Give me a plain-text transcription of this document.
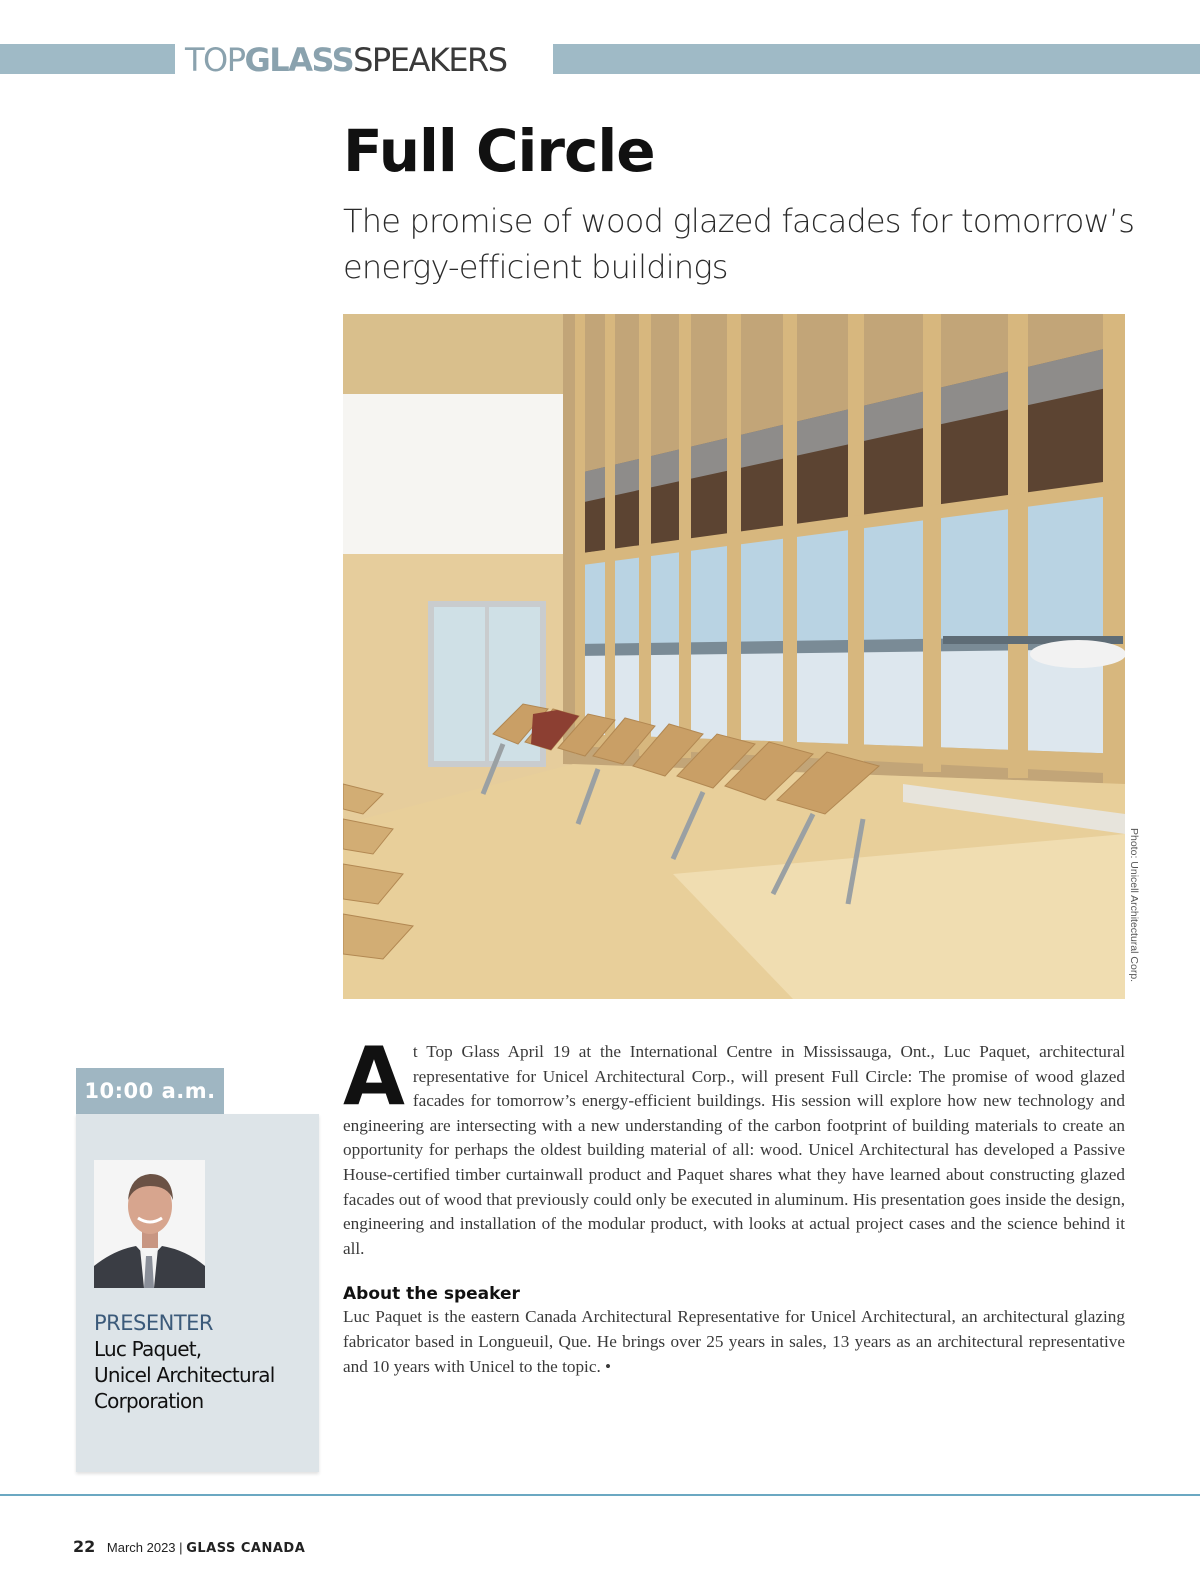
TOPGLASSSPEAKERS
Full Circle
The promise of wood glazed facades for tomorrow’s energy-efficient buildings
Photo: Unicell Architectural Corp.
10:00 a.m.
PRESENTER
Luc Paquet,
Unicel Architectural
Corporation
A t Top Glass April 19 at the International Centre in Mississauga, Ont., Luc Paquet, architectural representative for Unicel Architectural Corp., will present Full Circle: The promise of wood glazed facades for tomorrow’s energy-efficient buildings. His session will explore how new technology and engineering are intersecting with a new understanding of the carbon footprint of building materials to create an opportunity for perhaps the oldest building material of all: wood. Unicel Architectural has developed a Passive House-certified timber curtainwall product and Paquet shares what they have learned about constructing glazed facades out of wood that previously could only be executed in aluminum. His presentation goes inside the design, engineering and installation of the modular product, with looks at actual project cases and the science behind it all.

About the speaker

Luc Paquet is the eastern Canada Architectural Representative for Unicel Architectural, an architectural glazing fabricator based in Longueuil, Que. He brings over 25 years in sales, 13 years as an architectural representative and 10 years with Unicel to the topic. •

22 March 2023 | GLASS CANADA
